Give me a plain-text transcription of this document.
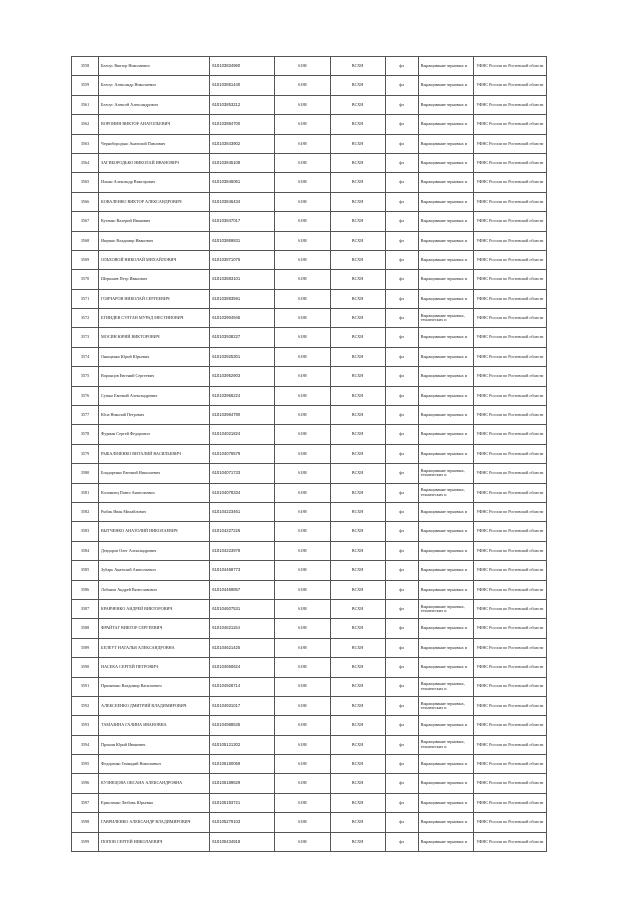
3558	Белоус Виктор Николаевич	610103834960	6188	ВСХН	фл	Выращивание зерновых и	УФНС России по Ростовской области
3559	Белоус Александр Николаевич	610103851440	6188	ВСХН	фл	Выращивание зерновых и	УФНС России по Ростовской области
3561	Белоус Алексей Александрович	610103853212	6188	ВСХН	фл	Выращивание зерновых и	УФНС России по Ростовской области
3562	ВОРОНИН ВИКТОР АНАТОЛЬЕВИЧ	610103884700	6188	ВСХН	фл	Выращивание зерновых и	УФНС России по Ростовской области
3563	Чернобородько Анатолий Павлович	610103843902	6188	ВСХН	фл	Выращивание зерновых и	УФНС России по Ростовской области
3564	ЗАГИБОРОДЬКО НИКОЛАЙ ИВАНОВИЧ	610103845108	6188	ВСХН	фл	Выращивание зерновых и	УФНС России по Ростовской области
3565	Ильин Александр Викторович	610103846061	6188	ВСХН	фл	Выращивание зерновых и	УФНС России по Ростовской области
3566	КОВАЛЕНКО ВИКТОР АЛЕКСАНДРОВИЧ	610103846434	6188	ВСХН	фл	Выращивание зерновых и	УФНС России по Ростовской области
3567	Кутенко Валерий Иванович	610103847017	6188	ВСХН	фл	Выращивание зерновых и	УФНС России по Ростовской области
3568	Ищенко Владимир Иванович	610103869831	6188	ВСХН	фл	Выращивание зерновых и	УФНС России по Ростовской области
3569	ОЛЬХОВОЙ НИКОЛАЙ МИХАЙЛОВИЧ	610103871075	6188	ВСХН	фл	Выращивание зерновых и	УФНС России по Ростовской области
3570	Шершнев Петр Иванович	610103883101	6188	ВСХН	фл	Выращивание зерновых и	УФНС России по Ростовской области
3571	ГОНЧАРОВ НИКОЛАЙ СЕРГЕЕВИЧ	610103893591	6188	ВСХН	фл	Выращивание зерновых и	УФНС России по Ростовской области
3572	ЕГИНДЕВ СУЛТАН МУРАД МЕСТИНОВИЧ	610103904945	6188	ВСХН	фл	Выращивание зерновых, технических и	УФНС России по Ростовской области
3573	МОСИН ЮРИЙ ВИКТОРОВИЧ	610103938227	6188	ВСХН	фл	Выращивание зерновых и	УФНС России по Ростовской области
3574	Онищенко Юрий Юрьевич	610103925301	6188	ВСХН	фл	Выращивание зерновых и	УФНС России по Ростовской области
3575	Воронцов Евгений Сергеевич	610103952903	6188	ВСХН	фл	Выращивание зерновых и	УФНС России по Ростовской области
3576	Сушко Евгений Александрович	610103956224	6188	ВСХН	фл	Выращивание зерновых и	УФНС России по Ростовской области
3577	Юпа Николай Петрович	610103964790	6188	ВСХН	фл	Выращивание зерновых и	УФНС России по Ростовской области
3578	Фурман Сергей Федорович	610104021824	6188	ВСХН	фл	Выращивание зерновых и	УФНС России по Ростовской области
3579	РЫБАЛЬЧЕНКО ВИТАЛИЙ ВАСИЛЬЕВИЧ	610104076579	6188	ВСХН	фл	Выращивание зерновых и	УФНС России по Ростовской области
3580	Бондаренко Евгений Николаевич	610104071733	6188	ВСХН	фл	Выращивание зерновых, технических и	УФНС России по Ростовской области
3581	Коломиец Павел Анатольевич	610104078334	6188	ВСХН	фл	Выращивание зерновых, технических и	УФНС России по Ростовской области
3582	Рыбак Иван Михайлович	610104223461	6188	ВСХН	фл	Выращивание зерновых и	УФНС России по Ростовской области
3583	ВЫТЧЕНКО АНАТОЛИЙ НИКОЛАЕВИЧ	610104227226	6188	ВСХН	фл	Выращивание зерновых и	УФНС России по Ростовской области
3584	Девдоров Олег Александрович	610104223978	6188	ВСХН	фл	Выращивание зерновых и	УФНС России по Ростовской области
3585	Зубарь Анатолий Анатольевич	610104468773	6188	ВСХН	фл	Выращивание зерновых и	УФНС России по Ростовской области
3586	Лобанов Андрей Вячеславович	610104469857	6188	ВСХН	фл	Выращивание зерновых и	УФНС России по Ростовской области
3587	КРАВЧЕНКО АНДРЕЙ ВИКТОРОВИЧ	610104607531	6188	ВСХН	фл	Выращивание зерновых, технических и	УФНС России по Ростовской области
3588	ФРАЙТАГ ВИКТОР СЕРГЕЕВИЧ	610104621154	6188	ВСХН	фл	Выращивание зерновых и	УФНС России по Ростовской области
3589	БЕЛЕУТ НАТАЛЬЯ АЛЕКСАНДРОВНА	610104621425	6188	ВСХН	фл	Выращивание зерновых и	УФНС России по Ростовской области
3590	НАСЕКА СЕРГЕЙ ПЕТРОВИЧ	610104650624	6188	ВСХН	фл	Выращивание зерновых и	УФНС России по Ростовской области
3591	Пряхненко Владимир Васильевич	610104928714	6188	ВСХН	фл	Выращивание зерновых, технических и	УФНС России по Ростовской области
3592	АЛЕКСЕЕНКО ДМИТРИЙ ВЛАДИМИРОВИЧ	610104931017	6188	ВСХН	фл	Выращивание зерновых, технических и	УФНС России по Ростовской области
3593	ТАМАЗИНА ГАЛИНА ИВАНОВНА	610104988535	6188	ВСХН	фл	Выращивание зерновых и	УФНС России по Ростовской области
3594	Пронин Юрий Иванович	610105121302	6188	ВСХН	фл	Выращивание зерновых, технических и	УФНС России по Ростовской области
3595	Федоренко Геннадий Николаевич	610105180059	6188	ВСХН	фл	Выращивание зерновых и	УФНС России по Ростовской области
3596	КУЗНЕЦОВА ОКСАНА АЛЕКСАНДРОВНА	610105189629	6188	ВСХН	фл	Выращивание зерновых и	УФНС России по Ростовской области
3597	Ермоленко Любовь Юрьевна	610105193721	6188	ВСХН	фл	Выращивание зерновых и	УФНС России по Ростовской области
3598	ГАВРИЛЕНКО АЛЕКСАНДР ВЛАДИМИРОВИЧ	610105279103	6188	ВСХН	фл	Выращивание зерновых и	УФНС России по Ростовской области
3599	ПОПОВ СЕРГЕЙ НИКОЛАЕВИЧ	610105434918	6188	ВСХН	фл	Выращивание зерновых и	УФНС России по Ростовской области
